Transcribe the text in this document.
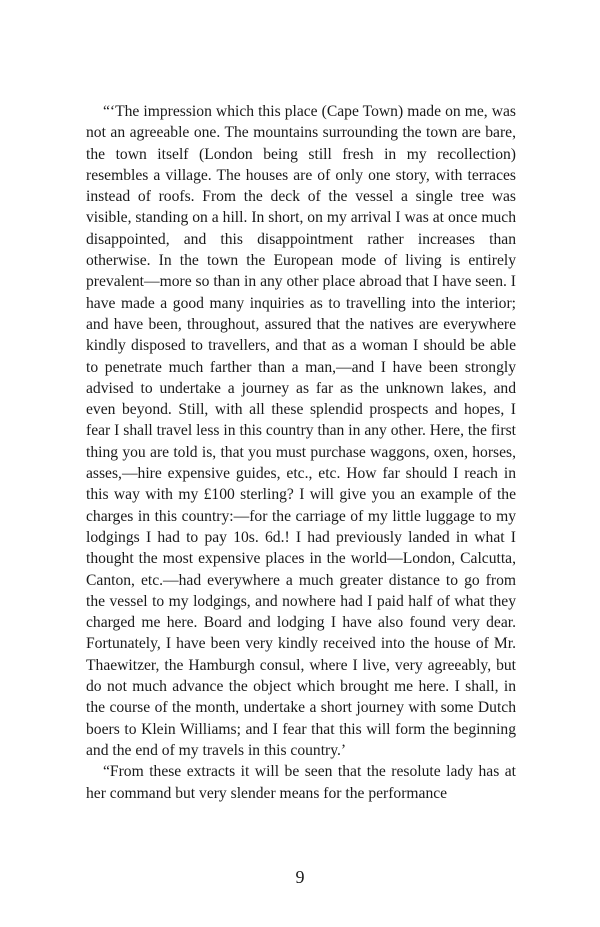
“‘The impression which this place (Cape Town) made on me, was not an agreeable one. The mountains surrounding the town are bare, the town itself (London being still fresh in my recollection) resembles a village. The houses are of only one story, with terraces instead of roofs. From the deck of the vessel a single tree was visible, standing on a hill. In short, on my arrival I was at once much disappointed, and this disappointment rather increases than otherwise. In the town the European mode of living is entirely prevalent—more so than in any other place abroad that I have seen. I have made a good many inquiries as to travelling into the interior; and have been, throughout, assured that the natives are everywhere kindly disposed to travellers, and that as a woman I should be able to penetrate much farther than a man,—and I have been strongly advised to undertake a journey as far as the unknown lakes, and even beyond. Still, with all these splendid prospects and hopes, I fear I shall travel less in this country than in any other. Here, the first thing you are told is, that you must purchase waggons, oxen, horses, asses,—hire expensive guides, etc., etc. How far should I reach in this way with my £100 sterling? I will give you an example of the charges in this country:—for the carriage of my little luggage to my lodgings I had to pay 10s. 6d.! I had previously landed in what I thought the most expensive places in the world—London, Calcutta, Canton, etc.—had everywhere a much greater distance to go from the vessel to my lodgings, and nowhere had I paid half of what they charged me here. Board and lodging I have also found very dear. Fortunately, I have been very kindly received into the house of Mr. Thaewitzer, the Hamburgh consul, where I live, very agreeably, but do not much advance the object which brought me here. I shall, in the course of the month, undertake a short journey with some Dutch boers to Klein Williams; and I fear that this will form the beginning and the end of my travels in this country.’

“From these extracts it will be seen that the resolute lady has at her command but very slender means for the performance

9
